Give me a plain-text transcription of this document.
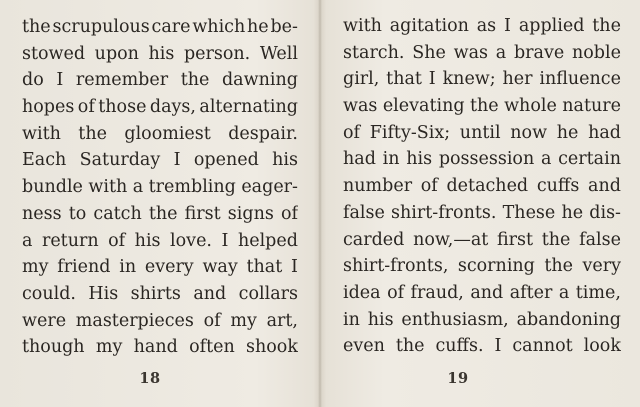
the scrupulous care which he be-
stowed upon his person. Well
do I remember the dawning
hopes of those days, alternating
with the gloomiest despair.
Each Saturday I opened his
bundle with a trembling eager-
ness to catch the first signs of
a return of his love. I helped
my friend in every way that I
could. His shirts and collars
were masterpieces of my art,
though my hand often shook
18
with agitation as I applied the
starch. She was a brave noble
girl, that I knew; her influence
was elevating the whole nature
of Fifty-Six; until now he had
had in his possession a certain
number of detached cuffs and
false shirt-fronts. These he dis-
carded now,—at first the false
shirt-fronts, scorning the very
idea of fraud, and after a time,
in his enthusiasm, abandoning
even the cuffs. I cannot look
19
